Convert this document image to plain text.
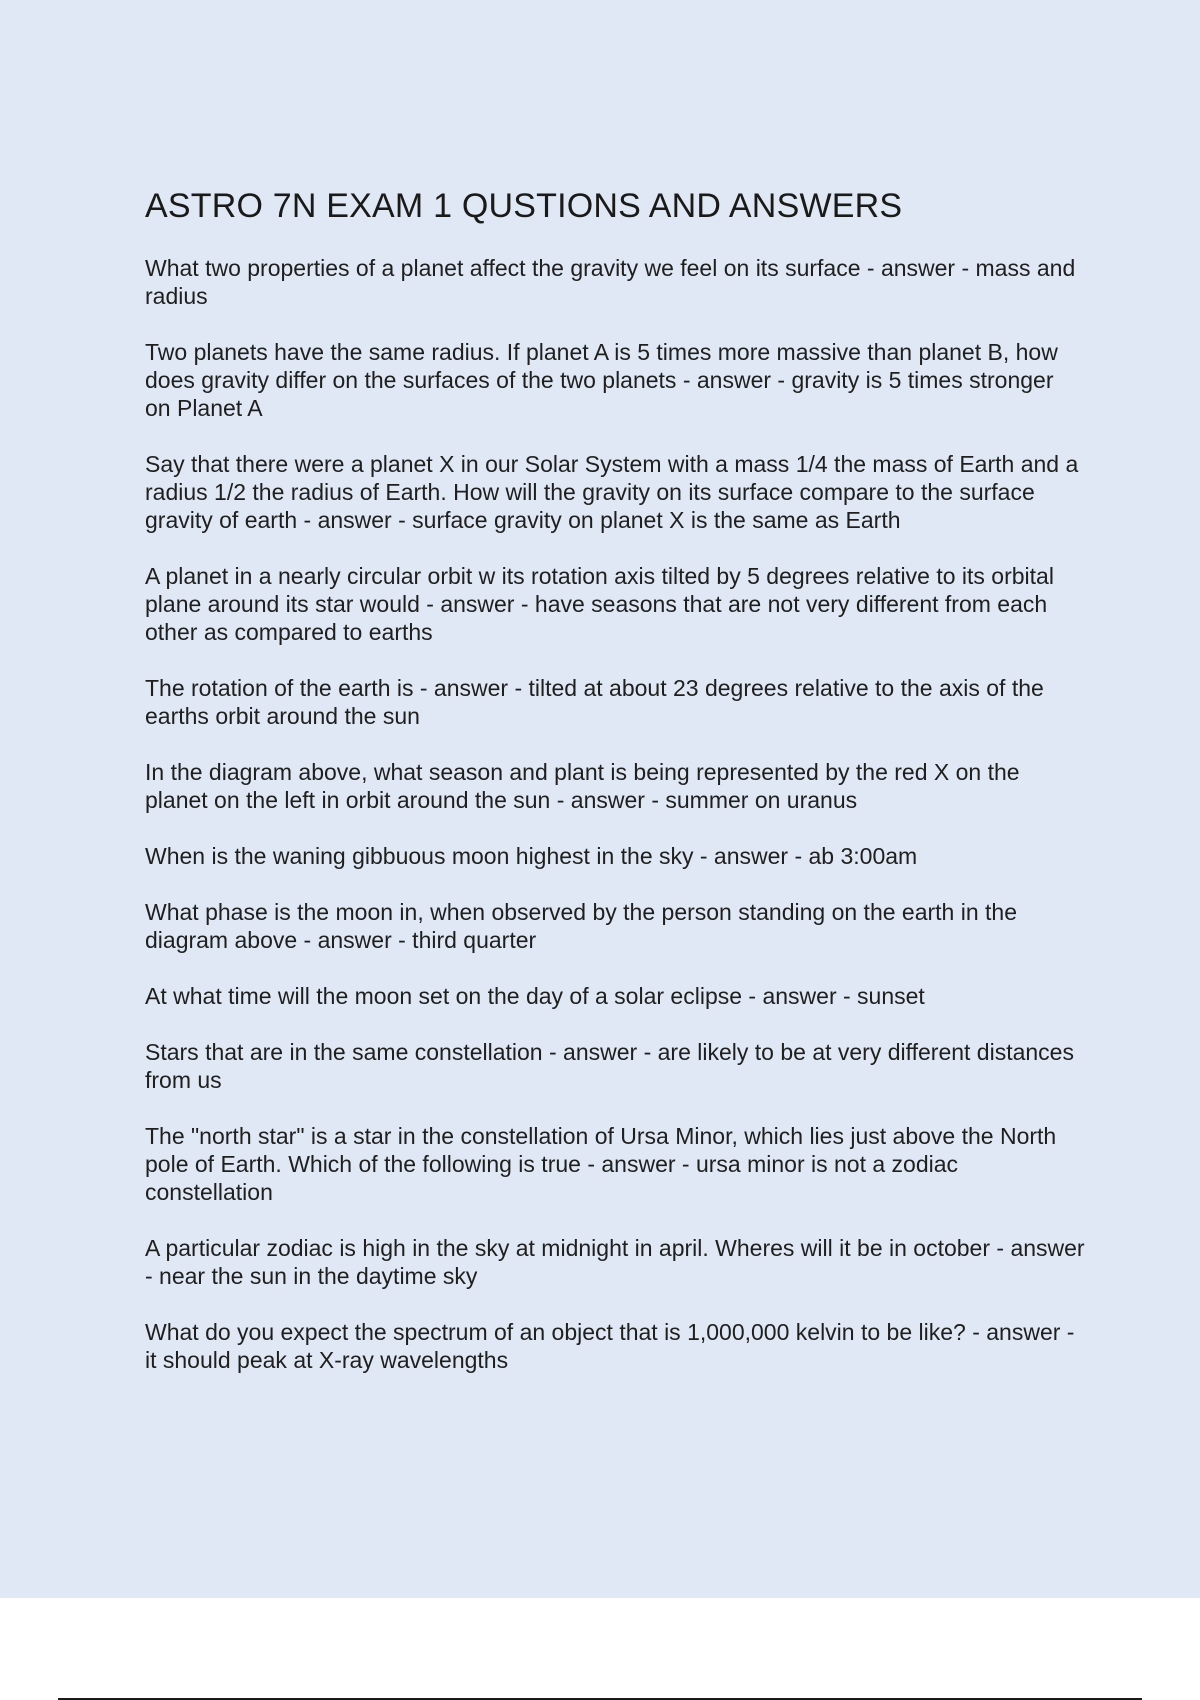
ASTRO 7N EXAM 1 QUSTIONS AND ANSWERS
What two properties of a planet affect the gravity we feel on its surface - answer - mass and radius
Two planets have the same radius. If planet A is 5 times more massive than planet B, how does gravity differ on the surfaces of the two planets - answer - gravity is 5 times stronger on Planet A
Say that there were a planet X in our Solar System with a mass 1/4 the mass of Earth and a radius 1/2 the radius of Earth. How will the gravity on its surface compare to the surface gravity of earth - answer - surface gravity on planet X is the same as Earth
A planet in a nearly circular orbit w its rotation axis tilted by 5 degrees relative to its orbital plane around its star would - answer - have seasons that are not very different from each other as compared to earths
The rotation of the earth is - answer - tilted at about 23 degrees relative to the axis of the earths orbit around the sun
In the diagram above, what season and plant is being represented by the red X on the planet on the left in orbit around the sun - answer - summer on uranus
When is the waning gibbuous moon highest in the sky - answer - ab 3:00am
What phase is the moon in, when observed by the person standing on the earth in the diagram above - answer - third quarter
At what time will the moon set on the day of a solar eclipse - answer - sunset
Stars that are in the same constellation - answer - are likely to be at very different distances from us
The "north star" is a star in the constellation of Ursa Minor, which lies just above the North pole of Earth. Which of the following is true - answer - ursa minor is not a zodiac constellation
A particular zodiac is high in the sky at midnight in april. Wheres will it be in october - answer - near the sun in the daytime sky
What do you expect the spectrum of an object that is 1,000,000 kelvin to be like? - answer - it should peak at X-ray wavelengths
